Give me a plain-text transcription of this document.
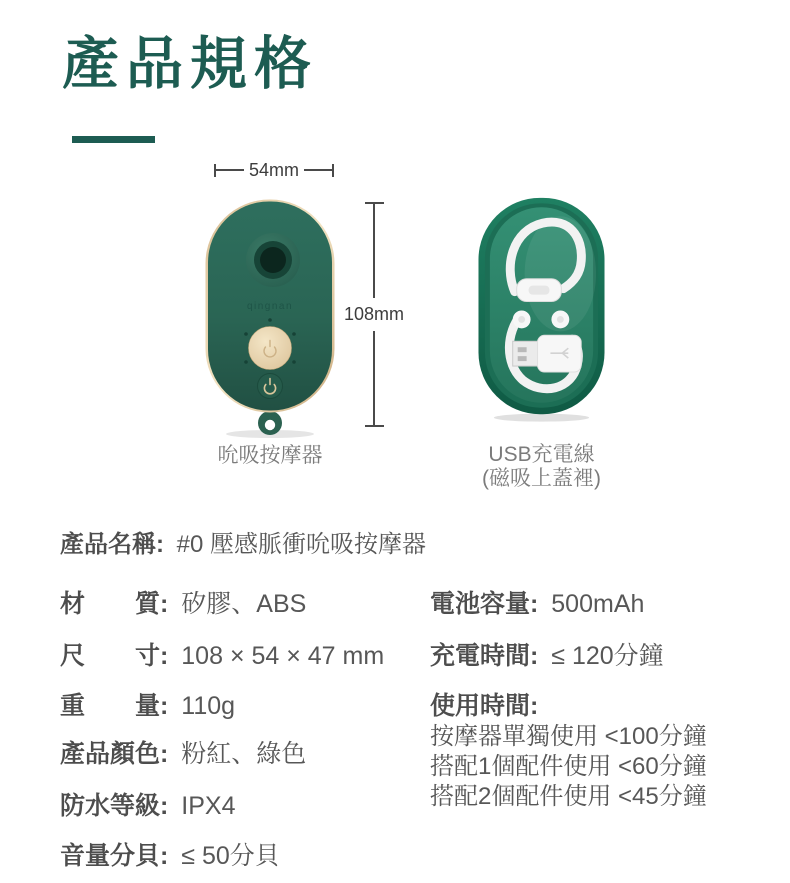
產品規格
54mm
qingnan	108mm
吮吸按摩器	USB充電線
(磁吸上蓋裡)
產品名稱: #0 壓感脈衝吮吸按摩器
材　　質: 矽膠、ABS
尺　　寸: 108 × 54 × 47 mm
重　　量: 110g
產品顏色: 粉紅、綠色
防水等級: IPX4
音量分貝: ≤ 50分貝
電池容量: 500mAh
充電時間: ≤ 120分鐘
使用時間:
按摩器單獨使用 <100分鐘
搭配1個配件使用 <60分鐘
搭配2個配件使用 <45分鐘
